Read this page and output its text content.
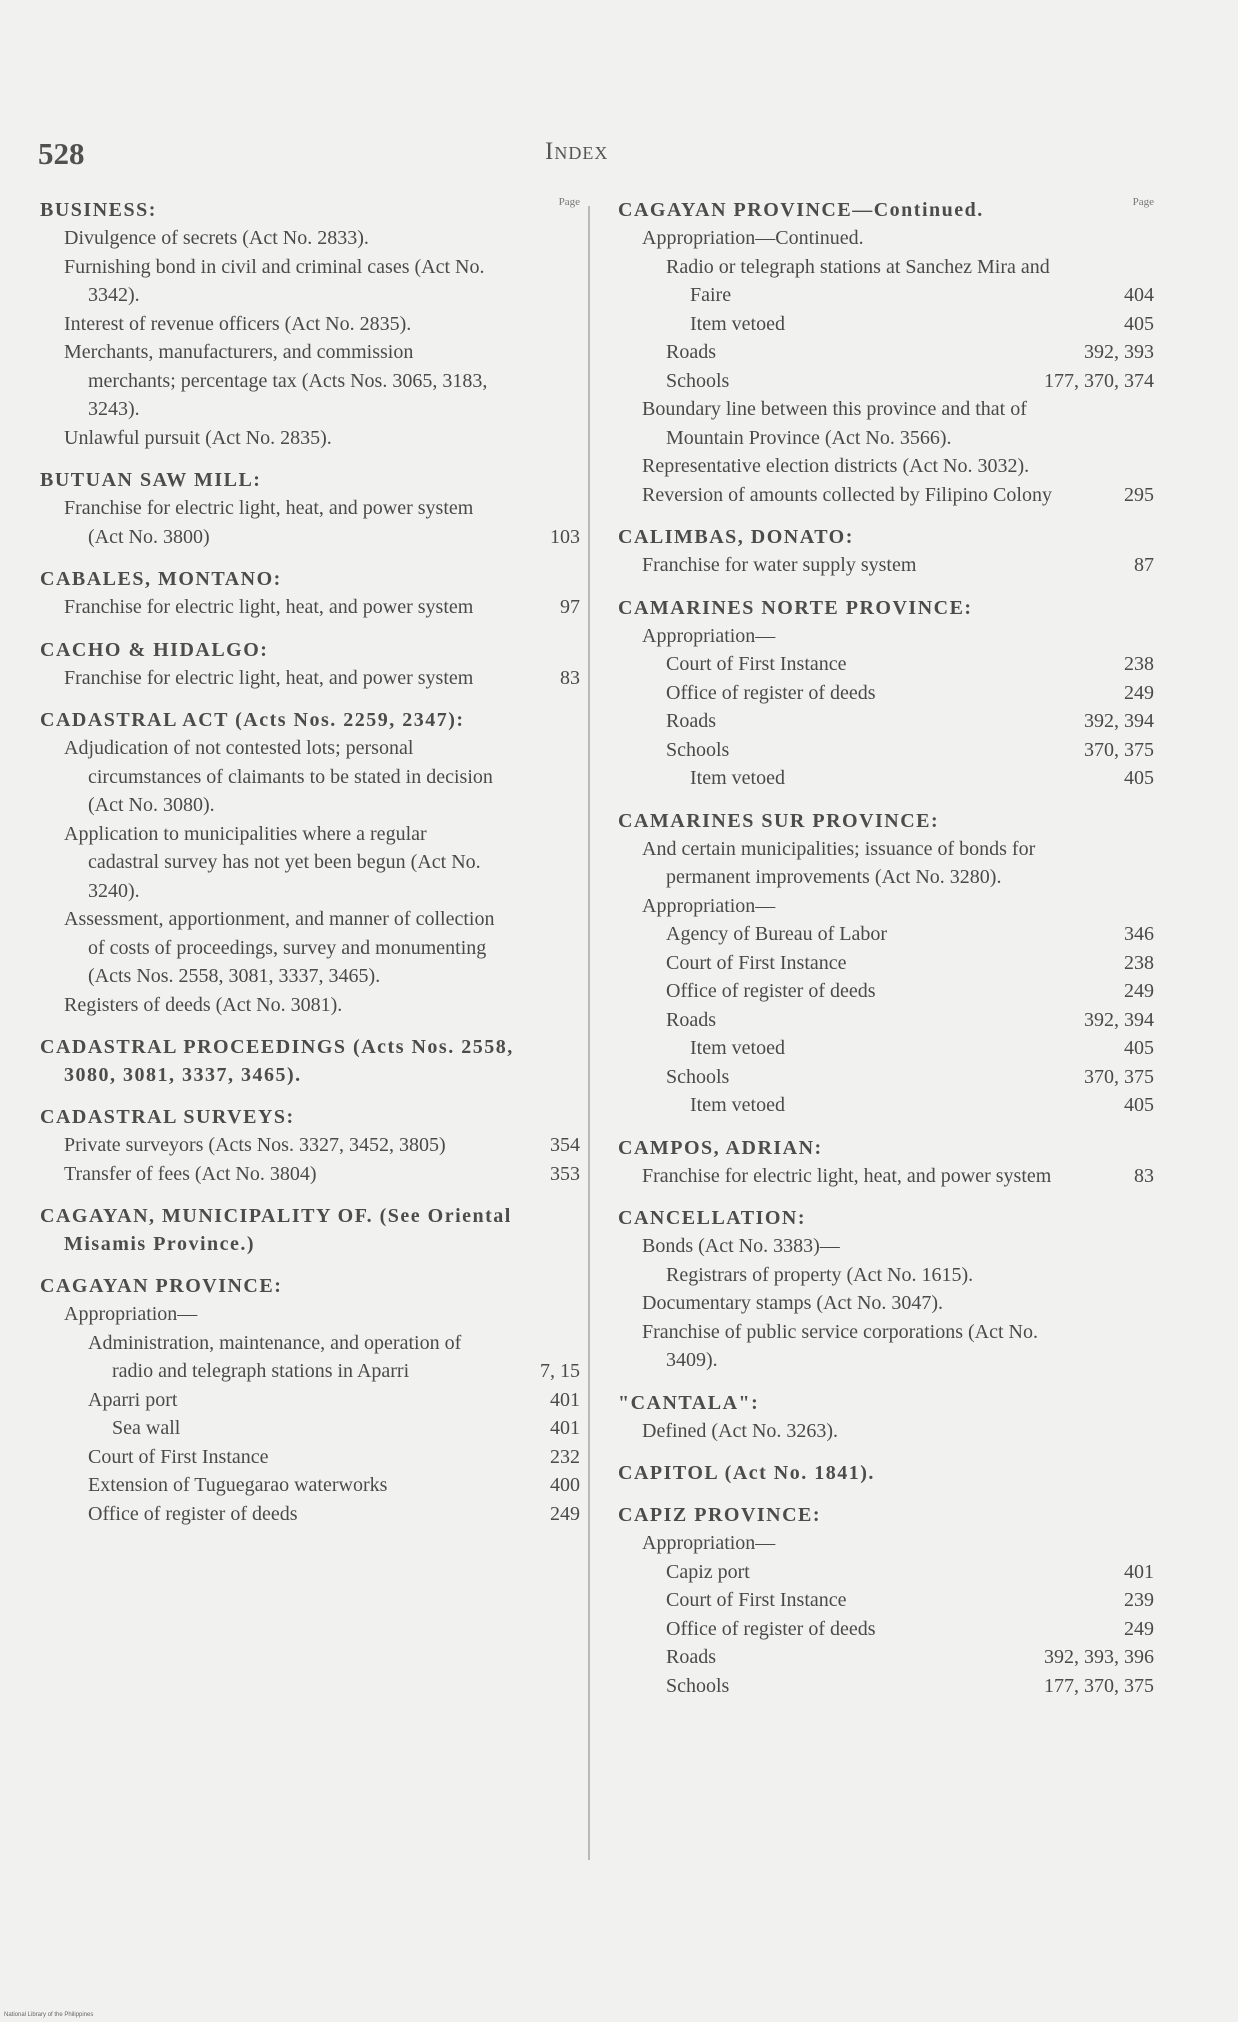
528	Index
Page
BUSINESS:
Divulgence of secrets (Act No. 2833).
Furnishing bond in civil and criminal cases (Act No. 3342).
Interest of revenue officers (Act No. 2835).
Merchants, manufacturers, and commission merchants; percentage tax (Acts Nos. 3065, 3183, 3243).
Unlawful pursuit (Act No. 2835).
BUTUAN SAW MILL:
Franchise for electric light, heat, and power system (Act No. 3800)	103
CABALES, MONTANO:
Franchise for electric light, heat, and power system	97
CACHO & HIDALGO:
Franchise for electric light, heat, and power system	83
CADASTRAL ACT (Acts Nos. 2259, 2347):
Adjudication of not contested lots; personal circumstances of claimants to be stated in decision (Act No. 3080).
Application to municipalities where a regular cadastral survey has not yet been begun (Act No. 3240).
Assessment, apportionment, and manner of collection of costs of proceedings, survey and monumenting (Acts Nos. 2558, 3081, 3337, 3465).
Registers of deeds (Act No. 3081).
CADASTRAL PROCEEDINGS (Acts Nos. 2558, 3080, 3081, 3337, 3465).
CADASTRAL SURVEYS:
Private surveyors (Acts Nos. 3327, 3452, 3805)	354
Transfer of fees (Act No. 3804)	353
CAGAYAN, MUNICIPALITY OF. (See Oriental Misamis Province.)
CAGAYAN PROVINCE:
Appropriation—
Administration, maintenance, and operation of radio and telegraph stations in Aparri	7, 15
Aparri port	401
Sea wall	401
Court of First Instance	232
Extension of Tuguegarao waterworks	400
Office of register of deeds	249
Page
CAGAYAN PROVINCE—Continued.
Appropriation—Continued.
Radio or telegraph stations at Sanchez Mira and Faire	404
Item vetoed	405
Roads	392, 393
Schools	177, 370, 374
Boundary line between this province and that of Mountain Province (Act No. 3566).
Representative election districts (Act No. 3032).
Reversion of amounts collected by Filipino Colony	295
CALIMBAS, DONATO:
Franchise for water supply system	87
CAMARINES NORTE PROVINCE:
Appropriation—
Court of First Instance	238
Office of register of deeds	249
Roads	392, 394
Schools	370, 375
Item vetoed	405
CAMARINES SUR PROVINCE:
And certain municipalities; issuance of bonds for permanent improvements (Act No. 3280).
Appropriation—
Agency of Bureau of Labor	346
Court of First Instance	238
Office of register of deeds	249
Roads	392, 394
Item vetoed	405
Schools	370, 375
Item vetoed	405
CAMPOS, ADRIAN:
Franchise for electric light, heat, and power system	83
CANCELLATION:
Bonds (Act No. 3383)—
Registrars of property (Act No. 1615).
Documentary stamps (Act No. 3047).
Franchise of public service corporations (Act No. 3409).
"CANTALA":
Defined (Act No. 3263).
CAPITOL (Act No. 1841).
CAPIZ PROVINCE:
Appropriation—
Capiz port	401
Court of First Instance	239
Office of register of deeds	249
Roads	392, 393, 396
Schools	177, 370, 375
National Library of the Philippines
